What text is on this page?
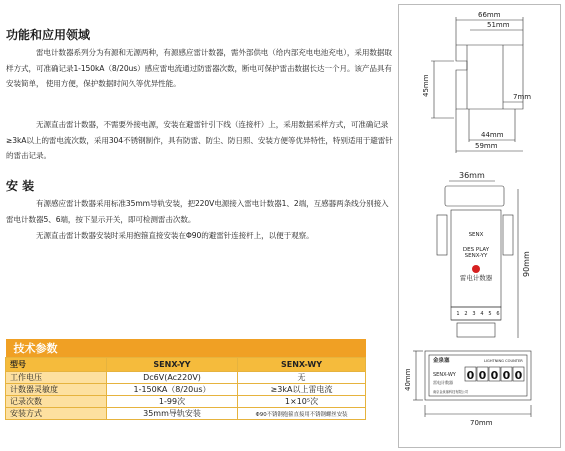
功能和应用领域
雷电计数器系列分为有源和无源两种，有源感应雷计数器，需外部供电（给内部充电电池充电），采用数据取样方式，可准确记录1-150kA（8/20us）感应雷电流通过防雷器次数，断电可保护雷击数据长达一个月。该产品具有安装简单， 使用方便，保护数据时间久等优异性能。
无源直击雷计数器，不需要外接电源，安装在避雷针引下线（连接杆）上，采用数据采样方式，可准确记录≥3kA以上的雷电流次数，采用304不锈钢制作，具有防雷、防尘、防日照、安装方便等优异特性，特别适用于避雷针的雷击记录。
安 装
有源感应雷计数器采用标准35mm导轨安装，把220V电源接入雷电计数器1、2端，互感器两条线分别接入雷电计数器5、6端，按下显示开关，即可检测雷击次数。
无源直击雷计数器安装时采用抱箍直接安装在Φ90的避雷针连接杆上，以便于观察。
技术参数		
型号	SENX-YY	SENX-WY
工作电压	Dc6V(Ac220V)	无
计数器灵敏度	1-150KA（8/20us）	≥3kA以上雷电流
记录次数	1-99次	1×10⁵次
安装方式	35mm导轨安装	Φ90不锈钢抱箍直接用不锈钢螺丝安装
66mm
51mm
45mm	7mm
44mm
59mm
36mm
90mm
40mm
70mm
SENX
DES PLAY
SENX-YY
雷电计数器
1 2 3 4 5 6
金泉塞	LIGHTNING COUNTER
SENX-WY
雷电计数器
南京金泉塞科技有限公司
0 0 0 0 0
